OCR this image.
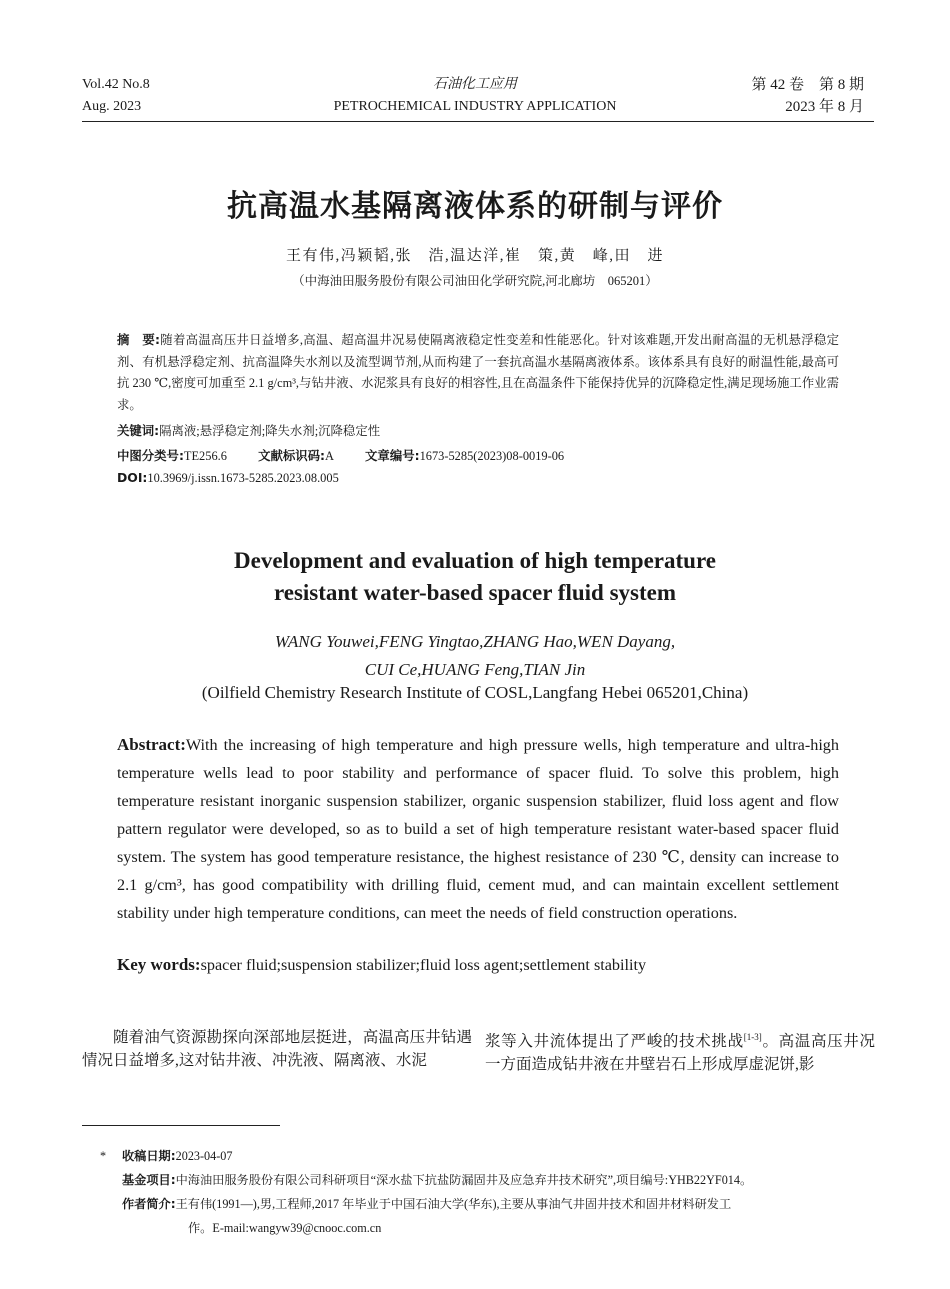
Vol.42 No.8
Aug. 2023
石油化工应用
PETROCHEMICAL INDUSTRY APPLICATION
第 42 卷　第 8 期
2023 年 8 月
抗高温水基隔离液体系的研制与评价
王有伟,冯颖韬,张　浩,温达洋,崔　策,黄　峰,田　进
（中海油田服务股份有限公司油田化学研究院,河北廊坊　065201）
摘　要:随着高温高压井日益增多,高温、超高温井况易使隔离液稳定性变差和性能恶化。针对该难题,开发出耐高温的无机悬浮稳定剂、有机悬浮稳定剂、抗高温降失水剂以及流型调节剂,从而构建了一套抗高温水基隔离液体系。该体系具有良好的耐温性能,最高可抗 230 ℃,密度可加重至 2.1 g/cm³,与钻井液、水泥浆具有良好的相容性,且在高温条件下能保持优异的沉降稳定性,满足现场施工作业需求。
关键词:隔离液;悬浮稳定剂;降失水剂;沉降稳定性
中图分类号:TE256.6	文献标识码:A	文章编号:1673-5285(2023)08-0019-06
DOI:10.3969/j.issn.1673-5285.2023.08.005
Development and evaluation of high temperature
resistant water-based spacer fluid system
WANG Youwei,FENG Yingtao,ZHANG Hao,WEN Dayang,
CUI Ce,HUANG Feng,TIAN Jin
(Oilfield Chemistry Research Institute of COSL,Langfang Hebei 065201,China)
Abstract:With the increasing of high temperature and high pressure wells, high temperature and ultra-high temperature wells lead to poor stability and performance of spacer fluid. To solve this problem, high temperature resistant inorganic suspension stabilizer, organic suspension stabilizer, fluid loss agent and flow pattern regulator were developed, so as to build a set of high temperature resistant water-based spacer fluid system. The system has good temperature resistance, the highest resistance of 230 ℃, density can increase to 2.1 g/cm³, has good compatibility with drilling fluid, cement mud, and can maintain excellent settlement stability under high temperature conditions, can meet the needs of field construction operations.
Key words:spacer fluid;suspension stabilizer;fluid loss agent;settlement stability

随着油气资源勘探向深部地层挺进，高温高压井钻遇情况日益增多,这对钻井液、冲洗液、隔离液、水泥

浆等入井流体提出了严峻的技术挑战[1-3]。高温高压井况一方面造成钻井液在井壁岩石上形成厚虚泥饼,影

* 收稿日期:2023-04-07
基金项目:中海油田服务股份有限公司科研项目“深水盐下抗盐防漏固井及应急弃井技术研究”,项目编号:YHB22YF014。
作者简介:王有伟(1991—),男,工程师,2017 年毕业于中国石油大学(华东),主要从事油气井固井技术和固井材料研发工
作。E-mail:wangyw39@cnooc.com.cn
